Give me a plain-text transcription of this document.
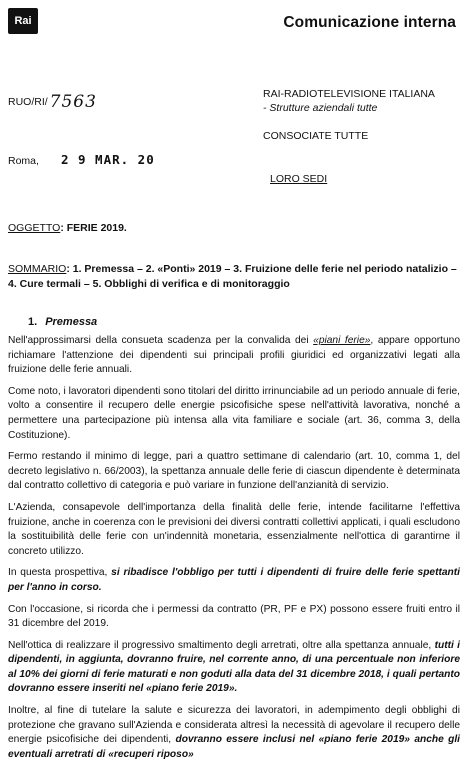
Rai	Comunicazione interna
RUO/RI/ 7563	RAI-RADIOTELEVISIONE ITALIANA
- Strutture aziendali tutte
CONSOCIATE TUTTE
LORO SEDI
Roma, 2 9 MAR. 20
OGGETTO: FERIE 2019.
SOMMARIO: 1. Premessa – 2. «Ponti» 2019 – 3. Fruizione delle ferie nel periodo natalizio – 4. Cure termali – 5. Obblighi di verifica e di monitoraggio
1. Premessa

Nell'approssimarsi della consueta scadenza per la convalida dei «piani ferie», appare opportuno richiamare l'attenzione dei dipendenti sui principali profili giuridici ed organizzativi legati alla fruizione delle ferie annuali.

Come noto, i lavoratori dipendenti sono titolari del diritto irrinunciabile ad un periodo annuale di ferie, volto a consentire il recupero delle energie psicofisiche spese nell'attività lavorativa, nonché a permettere una partecipazione più intensa alla vita familiare e sociale (art. 36, comma 3, della Costituzione).

Fermo restando il minimo di legge, pari a quattro settimane di calendario (art. 10, comma 1, del decreto legislativo n. 66/2003), la spettanza annuale delle ferie di ciascun dipendente è determinata dal contratto collettivo di categoria e può variare in funzione dell'anzianità di servizio.

L'Azienda, consapevole dell'importanza della finalità delle ferie, intende facilitarne l'effettiva fruizione, anche in coerenza con le previsioni dei diversi contratti collettivi applicati, i quali escludono la sostituibilità delle ferie con un'indennità monetaria, essenzialmente nell'ottica di garantirne il concreto utilizzo.

In questa prospettiva, si ribadisce l'obbligo per tutti i dipendenti di fruire delle ferie spettanti per l'anno in corso.

Con l'occasione, si ricorda che i permessi da contratto (PR, PF e PX) possono essere fruiti entro il 31 dicembre del 2019.

Nell'ottica di realizzare il progressivo smaltimento degli arretrati, oltre alla spettanza annuale, tutti i dipendenti, in aggiunta, dovranno fruire, nel corrente anno, di una percentuale non inferiore al 10% dei giorni di ferie maturati e non goduti alla data del 31 dicembre 2018, i quali pertanto dovranno essere inseriti nel «piano ferie 2019».

Inoltre, al fine di tutelare la salute e sicurezza dei lavoratori, in adempimento degli obblighi di protezione che gravano sull'Azienda e considerata altresì la necessità di agevolare il recupero delle energie psicofisiche dei dipendenti, dovranno essere inclusi nel «piano ferie 2019» anche gli eventuali arretrati di «recuperi riposo»
